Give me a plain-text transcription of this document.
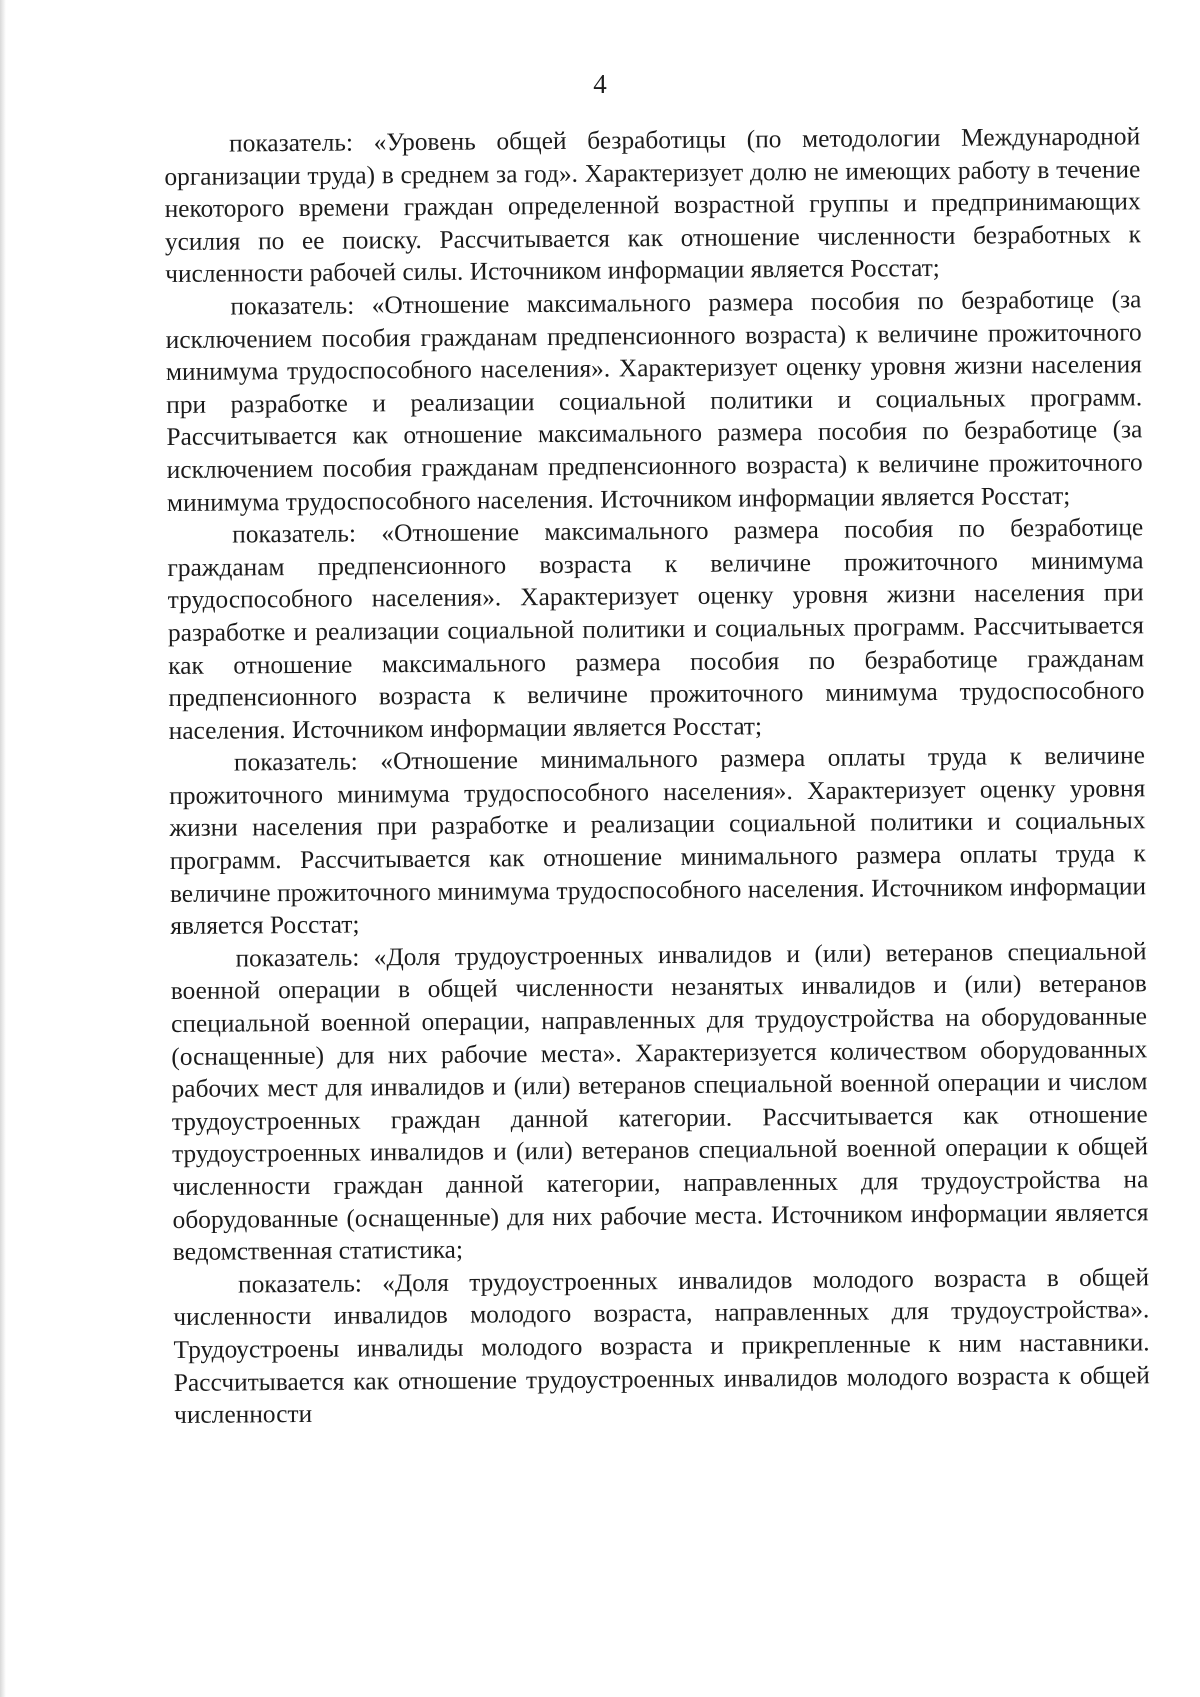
4

показатель: «Уровень общей безработицы (по методологии Международной организации труда) в среднем за год». Характеризует долю не имеющих работу в течение некоторого времени граждан определенной возрастной группы и предпринимающих усилия по ее поиску. Рассчитывается как отношение численности безработных к численности рабочей силы. Источником информации является Росстат;

показатель: «Отношение максимального размера пособия по безработице (за исключением пособия гражданам предпенсионного возраста) к величине прожиточного минимума трудоспособного населения». Характеризует оценку уровня жизни населения при разработке и реализации социальной политики и социальных программ. Рассчитывается как отношение максимального размера пособия по безработице (за исключением пособия гражданам предпенсионного возраста) к величине прожиточного минимума трудоспособного населения. Источником информации является Росстат;

показатель: «Отношение максимального размера пособия по безработице гражданам предпенсионного возраста к величине прожиточного минимума трудоспособного населения». Характеризует оценку уровня жизни населения при разработке и реализации социальной политики и социальных программ. Рассчитывается как отношение максимального размера пособия по безработице гражданам предпенсионного возраста к величине прожиточного минимума трудоспособного населения. Источником информации является Росстат;

показатель: «Отношение минимального размера оплаты труда к величине прожиточного минимума трудоспособного населения». Характеризует оценку уровня жизни населения при разработке и реализации социальной политики и социальных программ. Рассчитывается как отношение минимального размера оплаты труда к величине прожиточного минимума трудоспособного населения. Источником информации является Росстат;

показатель: «Доля трудоустроенных инвалидов и (или) ветеранов специальной военной операции в общей численности незанятых инвалидов и (или) ветеранов специальной военной операции, направленных для трудоустройства на оборудованные (оснащенные) для них рабочие места». Характеризуется количеством оборудованных рабочих мест для инвалидов и (или) ветеранов специальной военной операции и числом трудоустроенных граждан данной категории. Рассчитывается как отношение трудоустроенных инвалидов и (или) ветеранов специальной военной операции к общей численности граждан данной категории, направленных для трудоустройства на оборудованные (оснащенные) для них рабочие места. Источником информации является ведомственная статистика;

показатель: «Доля трудоустроенных инвалидов молодого возраста в общей численности инвалидов молодого возраста, направленных для трудоустройства». Трудоустроены инвалиды молодого возраста и прикрепленные к ним наставники. Рассчитывается как отношение трудоустроенных инвалидов молодого возраста к общей численности
